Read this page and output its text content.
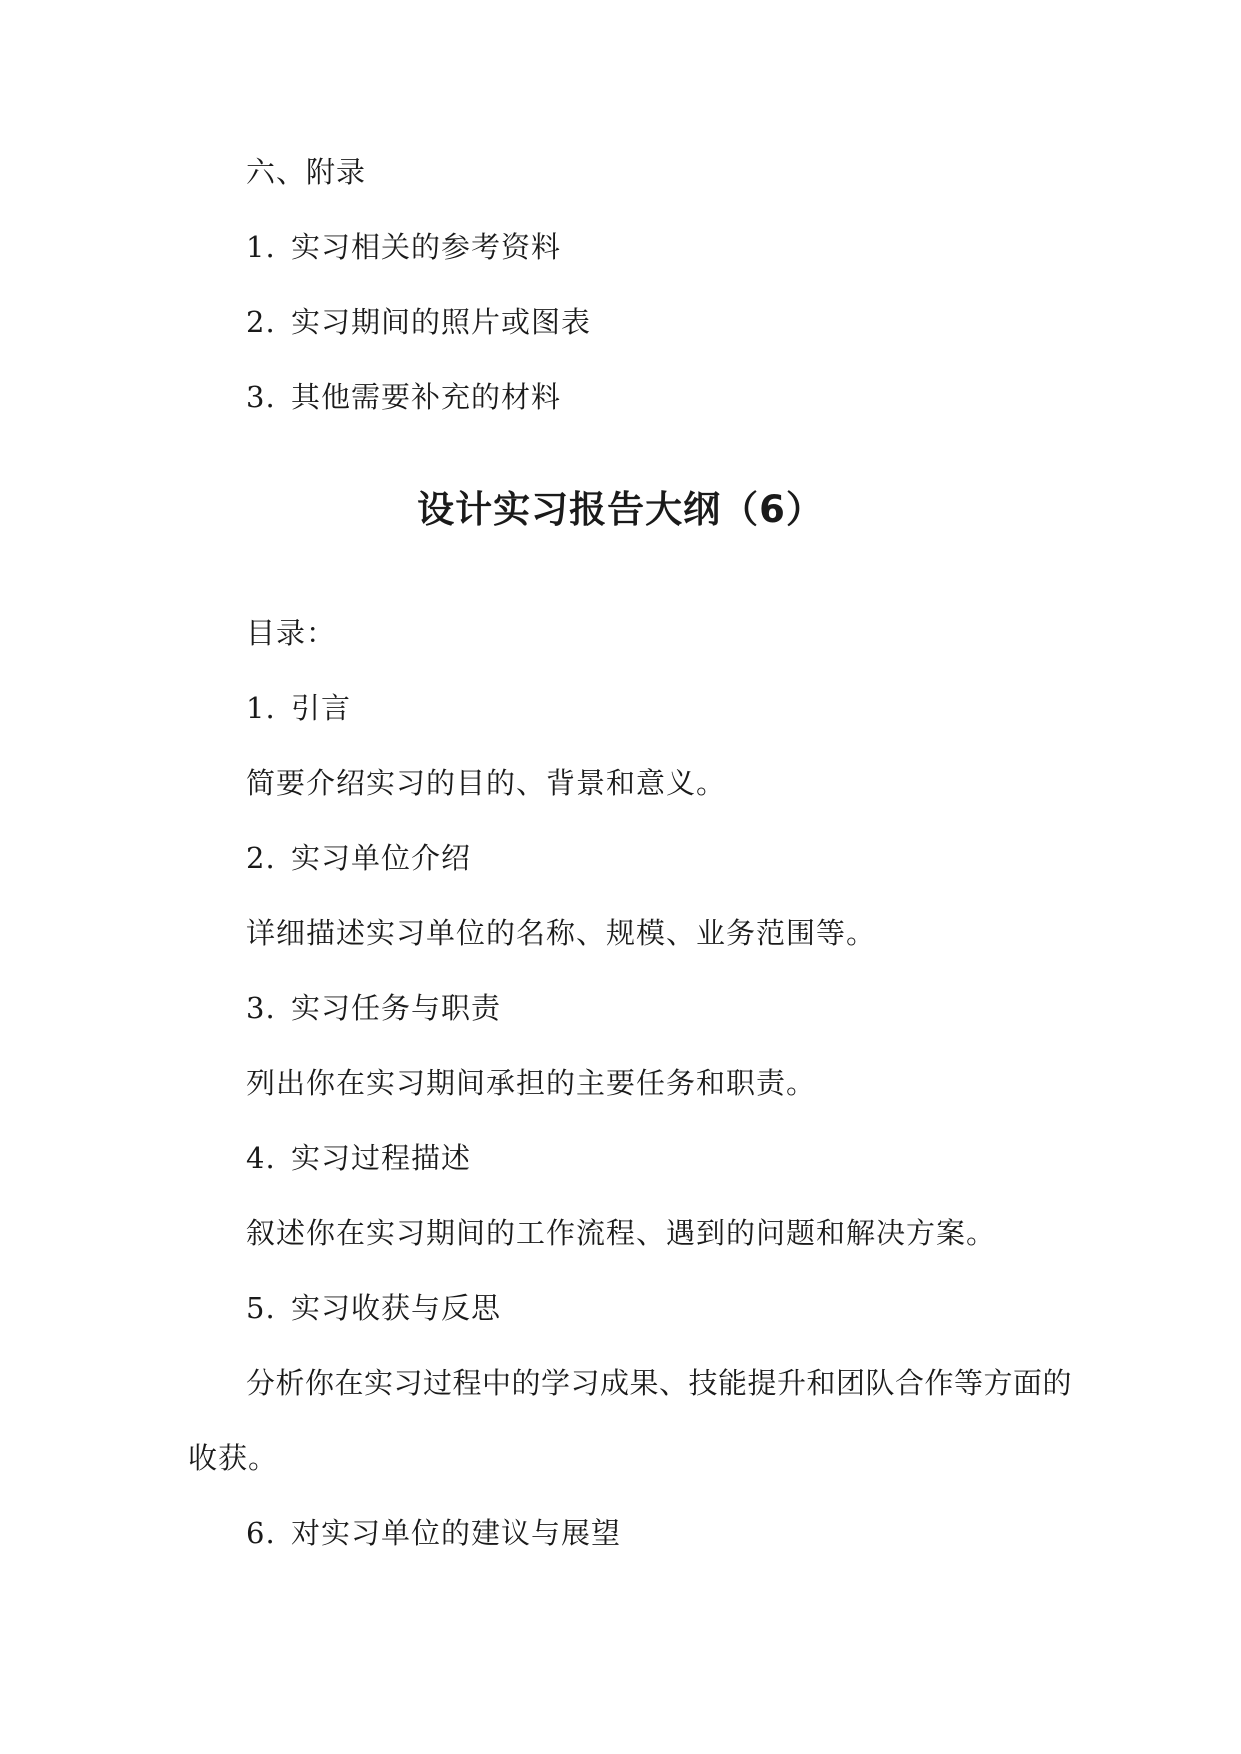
六、附录
1. 实习相关的参考资料
2. 实习期间的照片或图表
3. 其他需要补充的材料
设计实习报告大纲（6）
目录：
1. 引言
简要介绍实习的目的、背景和意义。
2. 实习单位介绍
详细描述实习单位的名称、规模、业务范围等。
3. 实习任务与职责
列出你在实习期间承担的主要任务和职责。
4. 实习过程描述
叙述你在实习期间的工作流程、遇到的问题和解决方案。
5. 实习收获与反思
分析你在实习过程中的学习成果、技能提升和团队合作等方面的
收获。
6. 对实习单位的建议与展望
